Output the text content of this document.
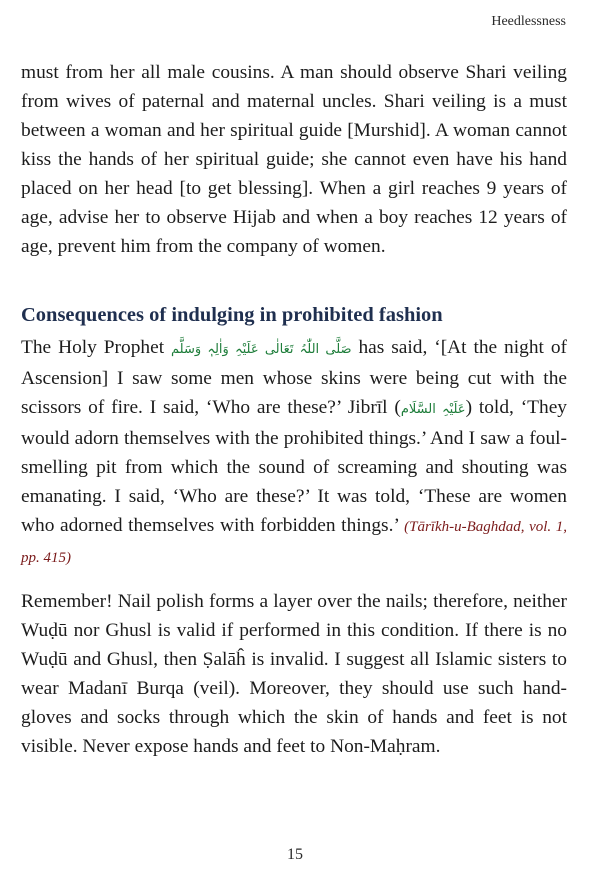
Heedlessness

must from her all male cousins. A man should observe Shari veiling from wives of paternal and maternal uncles. Shari veiling is a must between a woman and her spiritual guide [Murshid]. A woman cannot kiss the hands of her spiritual guide; she cannot even have his hand placed on her head [to get blessing]. When a girl reaches 9 years of age, advise her to observe Hijab and when a boy reaches 12 years of age, prevent him from the company of women.

Consequences of indulging in prohibited fashion

The Holy Prophet صَلَّی اللّٰہُ تَعَالٰی عَلَیْہِ وَاٰلِہٖ وَسَلَّم has said, ‘[At the night of Ascension] I saw some men whose skins were being cut with the scissors of fire. I said, ‘Who are these?’ Jibrīl (عَلَیْہِ السَّلَام) told, ‘They would adorn themselves with the prohibited things.’ And I saw a foul-smelling pit from which the sound of screaming and shouting was emanating. I said, ‘Who are these?’ It was told, ‘These are women who adorned themselves with forbidden things.’ (Tārīkh-u-Baghdad, vol. 1, pp. 415)

Remember! Nail polish forms a layer over the nails; therefore, neither Wuḍū nor Ghusl is valid if performed in this condition. If there is no Wuḍū and Ghusl, then Ṣalāĥ is invalid. I suggest all Islamic sisters to wear Madanī Burqa (veil). Moreover, they should use such hand-gloves and socks through which the skin of hands and feet is not visible. Never expose hands and feet to Non-Maḥram.

15
